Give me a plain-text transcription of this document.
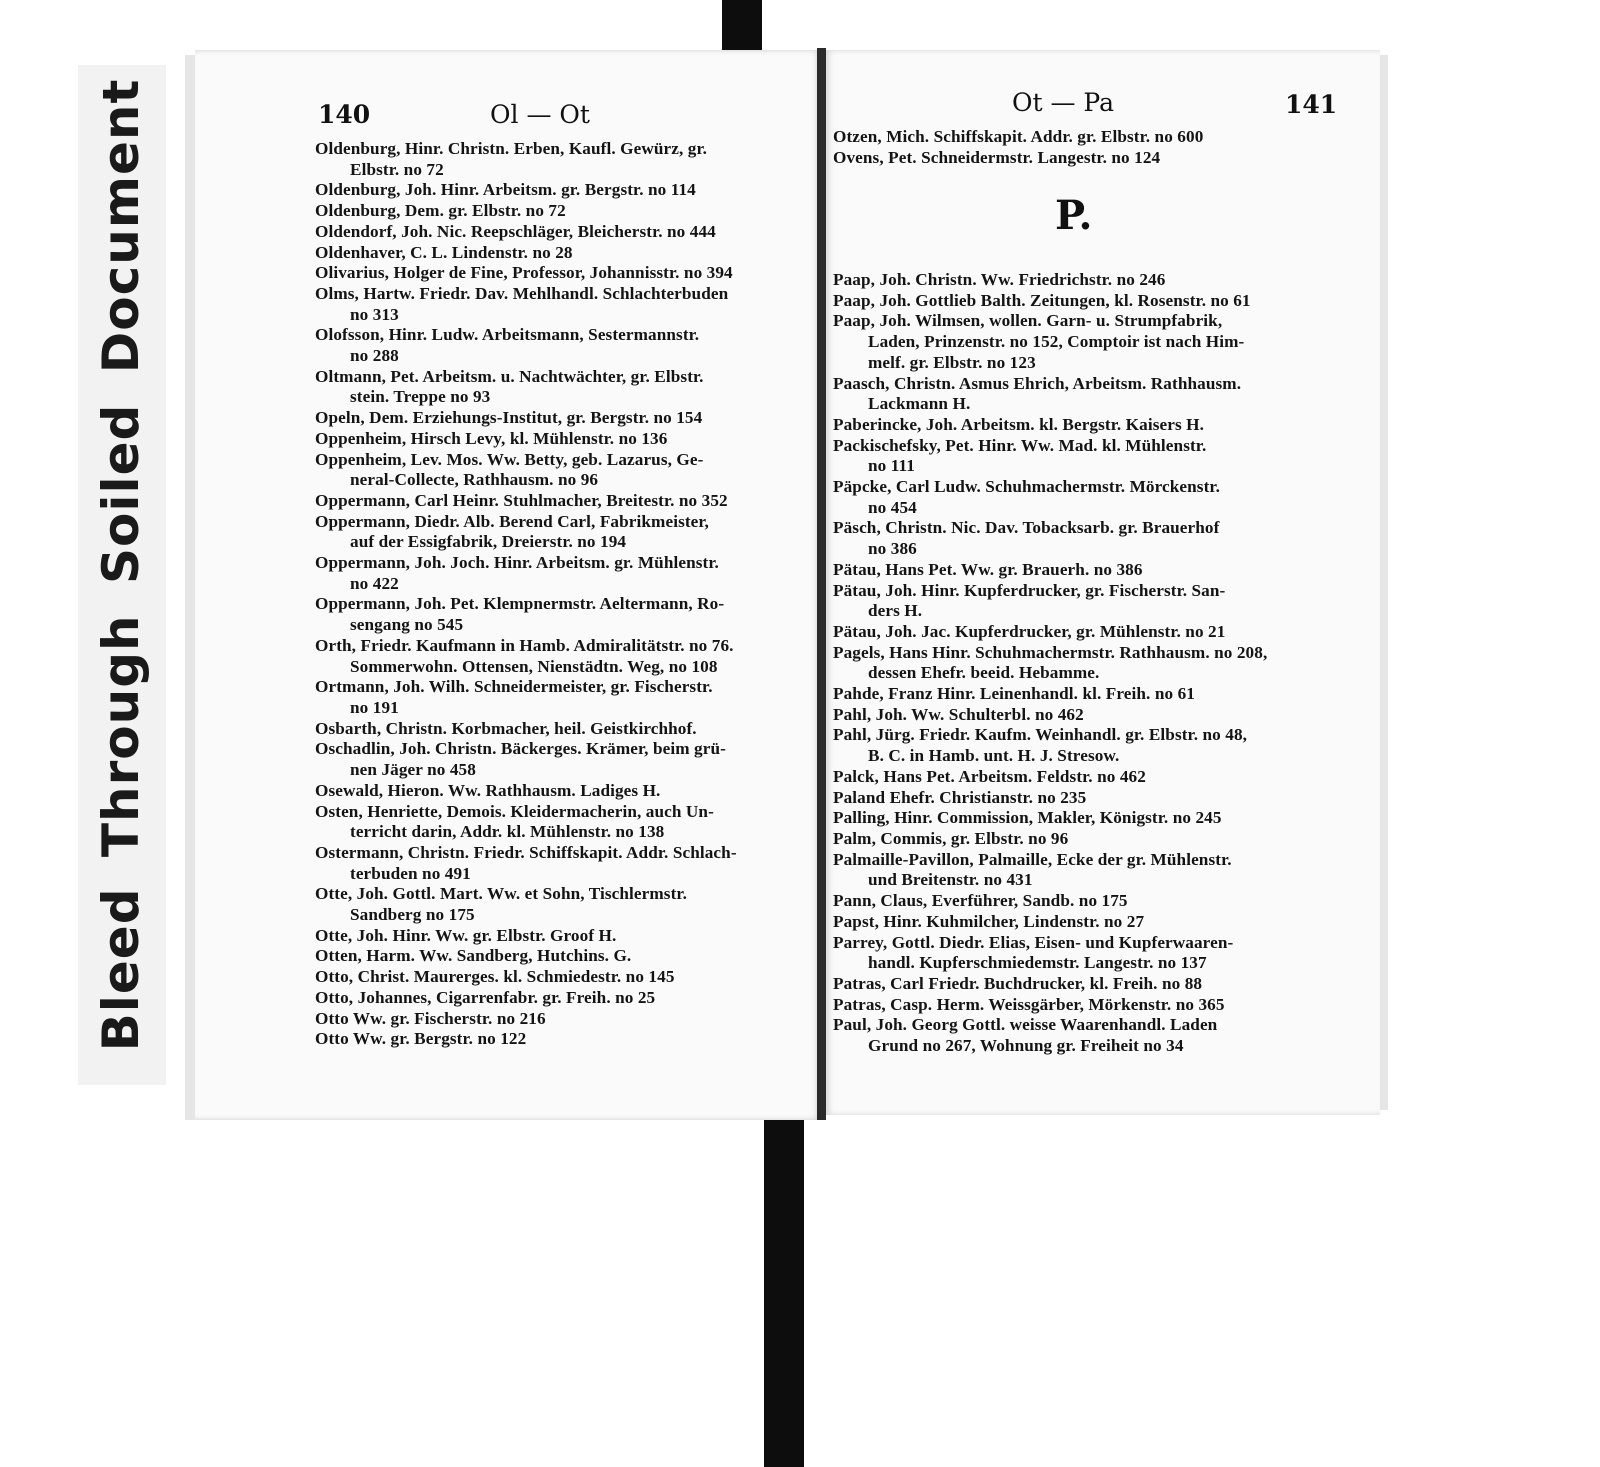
Bleed Through Soiled Document	140	Ol — Ot
Oldenburg, Hinr. Christn. Erben, Kaufl. Gewürz, gr.
Elbstr. no 72
Oldenburg, Joh. Hinr. Arbeitsm. gr. Bergstr. no 114
Oldenburg, Dem. gr. Elbstr. no 72
Oldendorf, Joh. Nic. Reepschläger, Bleicherstr. no 444
Oldenhaver, C. L. Lindenstr. no 28
Olivarius, Holger de Fine, Professor, Johannisstr. no 394
Olms, Hartw. Friedr. Dav. Mehlhandl. Schlachterbuden
no 313
Olofsson, Hinr. Ludw. Arbeitsmann, Sestermannstr.
no 288
Oltmann, Pet. Arbeitsm. u. Nachtwächter, gr. Elbstr.
stein. Treppe no 93
Opeln, Dem. Erziehungs-Institut, gr. Bergstr. no 154
Oppenheim, Hirsch Levy, kl. Mühlenstr. no 136
Oppenheim, Lev. Mos. Ww. Betty, geb. Lazarus, Ge-
neral-Collecte, Rathhausm. no 96
Oppermann, Carl Heinr. Stuhlmacher, Breitestr. no 352
Oppermann, Diedr. Alb. Berend Carl, Fabrikmeister,
auf der Essigfabrik, Dreierstr. no 194
Oppermann, Joh. Joch. Hinr. Arbeitsm. gr. Mühlenstr.
no 422
Oppermann, Joh. Pet. Klempnermstr. Aeltermann, Ro-
sengang no 545
Orth, Friedr. Kaufmann in Hamb. Admiralitätstr. no 76.
Sommerwohn. Ottensen, Nienstädtn. Weg, no 108
Ortmann, Joh. Wilh. Schneidermeister, gr. Fischerstr.
no 191
Osbarth, Christn. Korbmacher, heil. Geistkirchhof.
Oschadlin, Joh. Christn. Bäckerges. Krämer, beim grü-
nen Jäger no 458
Osewald, Hieron. Ww. Rathhausm. Ladiges H.
Osten, Henriette, Demois. Kleidermacherin, auch Un-
terricht darin, Addr. kl. Mühlenstr. no 138
Ostermann, Christn. Friedr. Schiffskapit. Addr. Schlach-
terbuden no 491
Otte, Joh. Gottl. Mart. Ww. et Sohn, Tischlermstr.
Sandberg no 175
Otte, Joh. Hinr. Ww. gr. Elbstr. Groof H.
Otten, Harm. Ww. Sandberg, Hutchins. G.
Otto, Christ. Maurerges. kl. Schmiedestr. no 145
Otto, Johannes, Cigarrenfabr. gr. Freih. no 25
Otto Ww. gr. Fischerstr. no 216
Otto Ww. gr. Bergstr. no 122
Ot — Pa	141
Otzen, Mich. Schiffskapit. Addr. gr. Elbstr. no 600
Ovens, Pet. Schneidermstr. Langestr. no 124
P.
Paap, Joh. Christn. Ww. Friedrichstr. no 246
Paap, Joh. Gottlieb Balth. Zeitungen, kl. Rosenstr. no 61
Paap, Joh. Wilmsen, wollen. Garn- u. Strumpfabrik,
Laden, Prinzenstr. no 152, Comptoir ist nach Him-
melf. gr. Elbstr. no 123
Paasch, Christn. Asmus Ehrich, Arbeitsm. Rathhausm.
Lackmann H.
Paberincke, Joh. Arbeitsm. kl. Bergstr. Kaisers H.
Packischefsky, Pet. Hinr. Ww. Mad. kl. Mühlenstr.
no 111
Päpcke, Carl Ludw. Schuhmachermstr. Mörckenstr.
no 454
Päsch, Christn. Nic. Dav. Tobacksarb. gr. Brauerhof
no 386
Pätau, Hans Pet. Ww. gr. Brauerh. no 386
Pätau, Joh. Hinr. Kupferdrucker, gr. Fischerstr. San-
ders H.
Pätau, Joh. Jac. Kupferdrucker, gr. Mühlenstr. no 21
Pagels, Hans Hinr. Schuhmachermstr. Rathhausm. no 208,
dessen Ehefr. beeid. Hebamme.
Pahde, Franz Hinr. Leinenhandl. kl. Freih. no 61
Pahl, Joh. Ww. Schulterbl. no 462
Pahl, Jürg. Friedr. Kaufm. Weinhandl. gr. Elbstr. no 48,
B. C. in Hamb. unt. H. J. Stresow.
Palck, Hans Pet. Arbeitsm. Feldstr. no 462
Paland Ehefr. Christianstr. no 235
Palling, Hinr. Commission, Makler, Königstr. no 245
Palm, Commis, gr. Elbstr. no 96
Palmaille-Pavillon, Palmaille, Ecke der gr. Mühlenstr.
und Breitenstr. no 431
Pann, Claus, Everführer, Sandb. no 175
Papst, Hinr. Kuhmilcher, Lindenstr. no 27
Parrey, Gottl. Diedr. Elias, Eisen- und Kupferwaaren-
handl. Kupferschmiedemstr. Langestr. no 137
Patras, Carl Friedr. Buchdrucker, kl. Freih. no 88
Patras, Casp. Herm. Weissgärber, Mörkenstr. no 365
Paul, Joh. Georg Gottl. weisse Waarenhandl. Laden
Grund no 267, Wohnung gr. Freiheit no 34
